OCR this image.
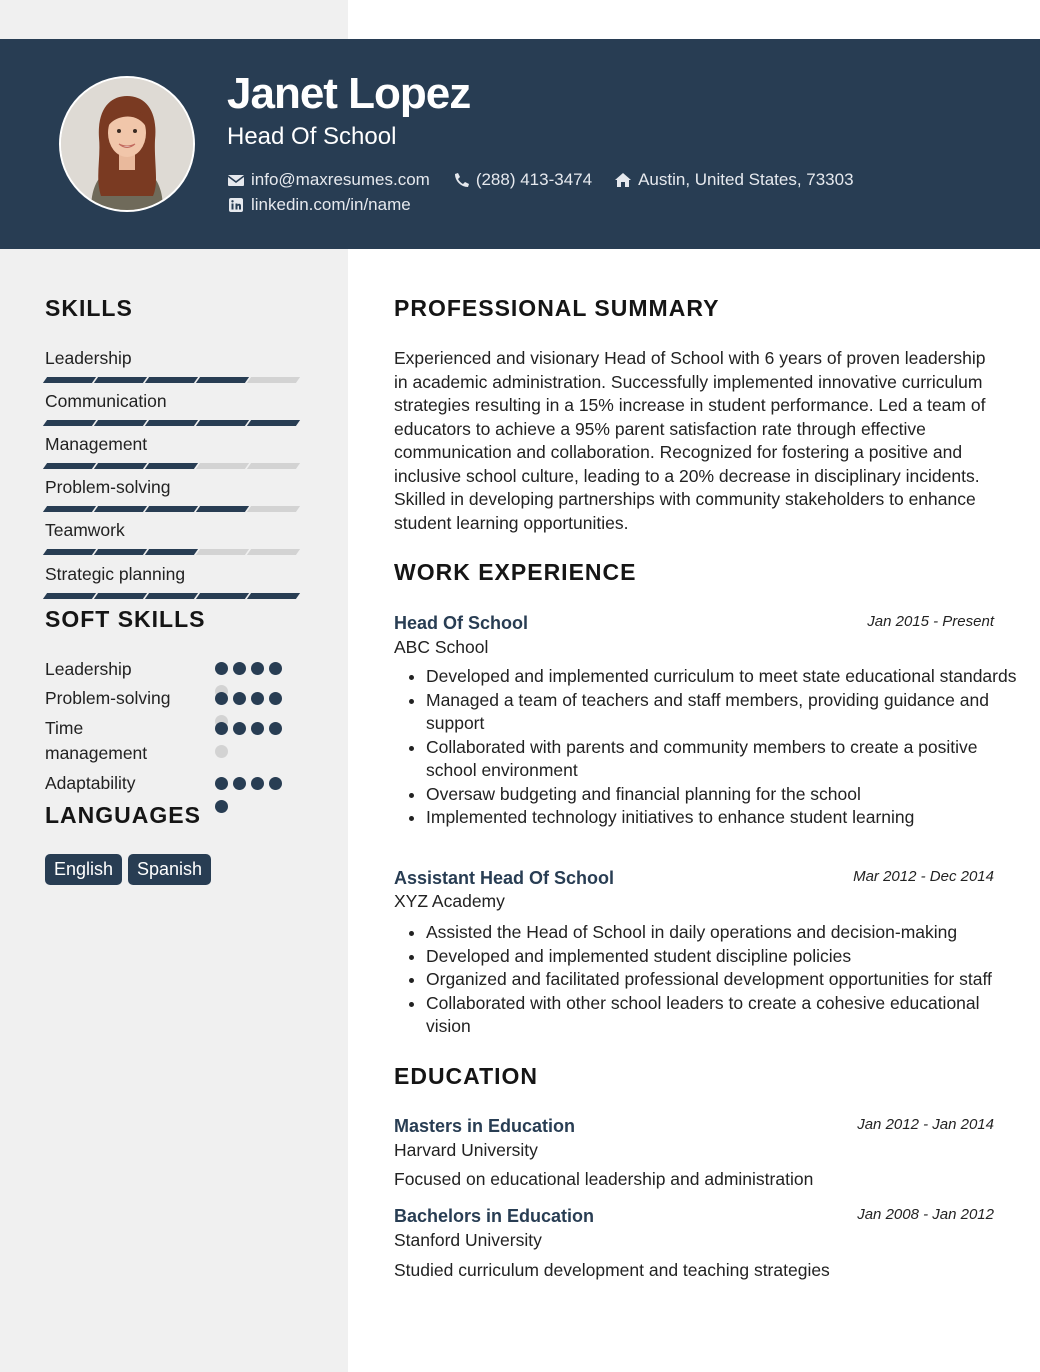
Janet Lopez
Head Of School
info@maxresumes.com	(288) 413-3474	Austin, United States, 73303
linkedin.com/in/name
SKILLS
Leadership
Communication
Management
Problem-solving
Teamwork
Strategic planning
SOFT SKILLS
Leadership
Problem-solving
Time management
Adaptability
LANGUAGES
English	Spanish
PROFESSIONAL SUMMARY
Experienced and visionary Head of School with 6 years of proven leadership in academic administration. Successfully implemented innovative curriculum strategies resulting in a 15% increase in student performance. Led a team of educators to achieve a 95% parent satisfaction rate through effective communication and collaboration. Recognized for fostering a positive and inclusive school culture, leading to a 20% decrease in disciplinary incidents. Skilled in developing partnerships with community stakeholders to enhance student learning opportunities.
WORK EXPERIENCE
Head Of School	Jan 2015 - Present
ABC School
• Developed and implemented curriculum to meet state educational standards
• Managed a team of teachers and staff members, providing guidance and support
• Collaborated with parents and community members to create a positive school environment
• Oversaw budgeting and financial planning for the school
• Implemented technology initiatives to enhance student learning
Assistant Head Of School	Mar 2012 - Dec 2014
XYZ Academy
• Assisted the Head of School in daily operations and decision-making
• Developed and implemented student discipline policies
• Organized and facilitated professional development opportunities for staff
• Collaborated with other school leaders to create a cohesive educational vision
EDUCATION
Masters in Education	Jan 2012 - Jan 2014
Harvard University
Focused on educational leadership and administration
Bachelors in Education	Jan 2008 - Jan 2012
Stanford University
Studied curriculum development and teaching strategies
